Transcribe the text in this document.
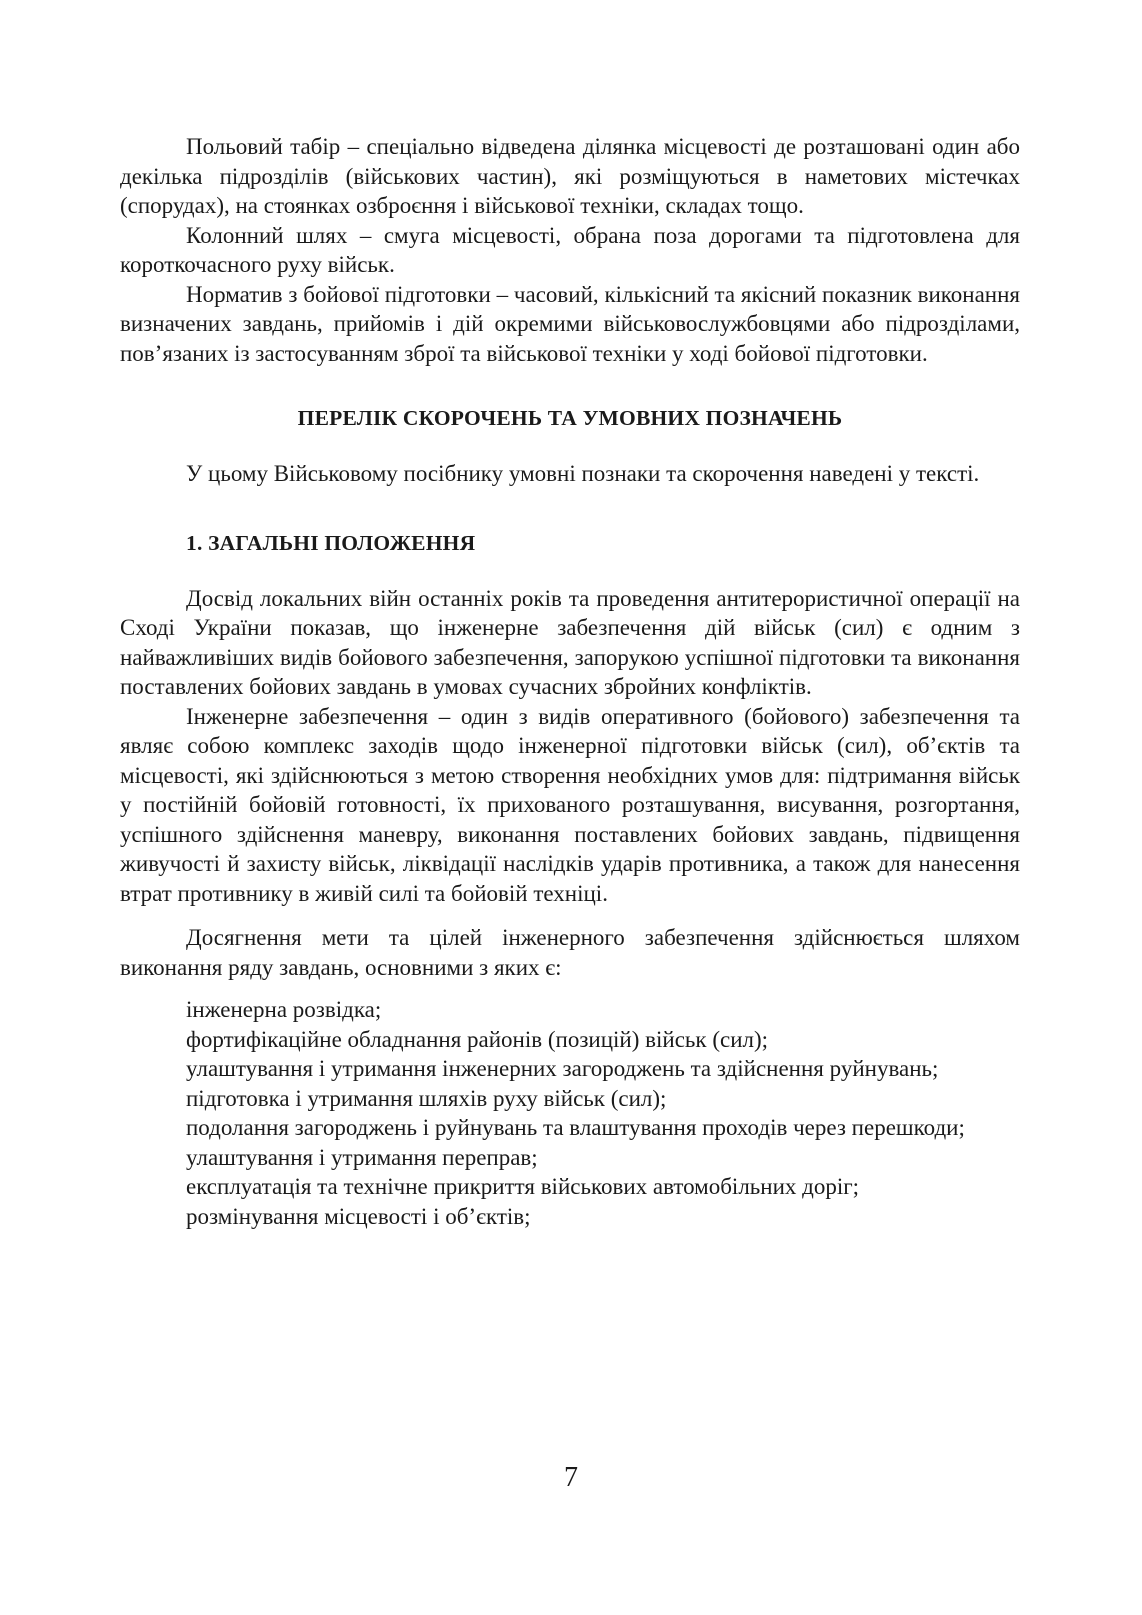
Польовий табір – спеціально відведена ділянка місцевості де розташовані один або декілька підрозділів (військових частин), які розміщуються в наметових містечках (спорудах), на стоянках озброєння і військової техніки, складах тощо.

Колонний шлях – смуга місцевості, обрана поза дорогами та підготовлена для короткочасного руху військ.

Норматив з бойової підготовки – часовий, кількісний та якісний показник виконання визначених завдань, прийомів і дій окремими військовослужбовцями або підрозділами, пов’язаних із застосуванням зброї та військової техніки у ході бойової підготовки.

ПЕРЕЛІК СКОРОЧЕНЬ ТА УМОВНИХ ПОЗНАЧЕНЬ

У цьому Військовому посібнику умовні познаки та скорочення наведені у тексті.

1. ЗАГАЛЬНІ ПОЛОЖЕННЯ

Досвід локальних війн останніх років та проведення антитерористичної операції на Сході України показав, що інженерне забезпечення дій військ (сил) є одним з найважливіших видів бойового забезпечення, запорукою успішної підготовки та виконання поставлених бойових завдань в умовах сучасних збройних конфліктів.

Інженерне забезпечення – один з видів оперативного (бойового) забезпечення та являє собою комплекс заходів щодо інженерної підготовки військ (сил), об’єктів та місцевості, які здійснюються з метою створення необхідних умов для: підтримання військ у постійній бойовій готовності, їх прихованого розташування, висування, розгортання, успішного здійснення маневру, виконання поставлених бойових завдань, підвищення живучості й захисту військ, ліквідації наслідків ударів противника, а також для нанесення втрат противнику в живій силі та бойовій техніці.

Досягнення мети та цілей інженерного забезпечення здійснюється шляхом виконання ряду завдань, основними з яких є:

інженерна розвідка;
фортифікаційне обладнання районів (позицій) військ (сил);
улаштування і утримання інженерних загороджень та здійснення руйнувань;
підготовка і утримання шляхів руху військ (сил);
подолання загороджень і руйнувань та влаштування проходів через перешкоди;
улаштування і утримання переправ;
експлуатація та технічне прикриття військових автомобільних доріг;
розмінування місцевості і об’єктів;
7
